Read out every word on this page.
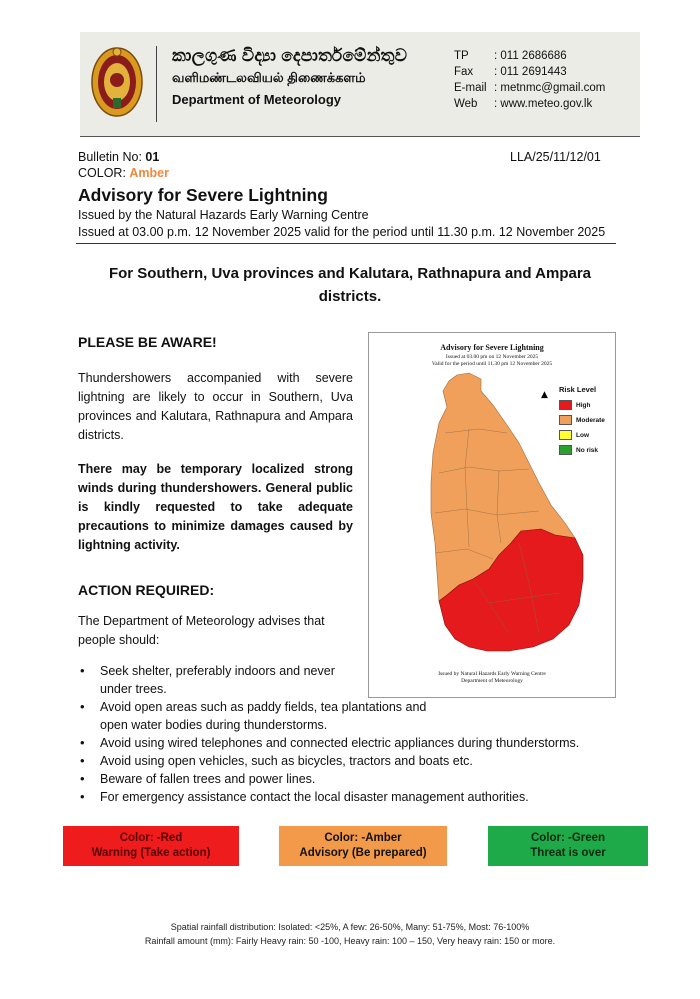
කාලගුණ විද්‍යා දෙපාර්තමේන්තුව
வளிமண்டலவியல் திணைக்களம்
Department of Meteorology
TP	: 011 2686686
Fax	: 011 2691443
E-mail : metnmc@gmail.com
Web	: www.meteo.gov.lk
Bulletin No: 01	LLA/25/11/12/01
COLOR: Amber
Advisory for Severe Lightning
Issued by the Natural Hazards Early Warning Centre
Issued at 03.00 p.m. 12 November 2025 valid for the period until 11.30 p.m. 12 November 2025
For Southern, Uva provinces and Kalutara, Rathnapura and Ampara districts.
PLEASE BE AWARE!
Thundershowers accompanied with severe lightning are likely to occur in Southern, Uva provinces and Kalutara, Rathnapura and Ampara districts.
There may be temporary localized strong winds during thundershowers. General public is kindly requested to take adequate precautions to minimize damages caused by lightning activity.
ACTION REQUIRED:
The Department of Meteorology advises that people should:
Advisory for Severe Lightning
Issued at 03.00 pm on 12 November 2025
Valid for the period until 11.30 pm 12 November 2025
▲
Risk Level
High
Moderate
Low
No risk
Issued by Natural Hazards Early Warning Centre
Department of Meteorology
• Seek shelter, preferably indoors and never under trees.
• Avoid open areas such as paddy fields, tea plantations and open water bodies during thunderstorms.
• Avoid using wired telephones and connected electric appliances during thunderstorms.
• Avoid using open vehicles, such as bicycles, tractors and boats etc.
• Beware of fallen trees and power lines.
• For emergency assistance contact the local disaster management authorities.
Color: -Red
Warning (Take action)
Color: -Amber
Advisory (Be prepared)
Color: -Green
Threat is over
Spatial rainfall distribution: Isolated: <25%, A few: 26-50%, Many: 51-75%, Most: 76-100%
Rainfall amount (mm): Fairly Heavy rain: 50 -100, Heavy rain: 100 – 150, Very heavy rain: 150 or more.
